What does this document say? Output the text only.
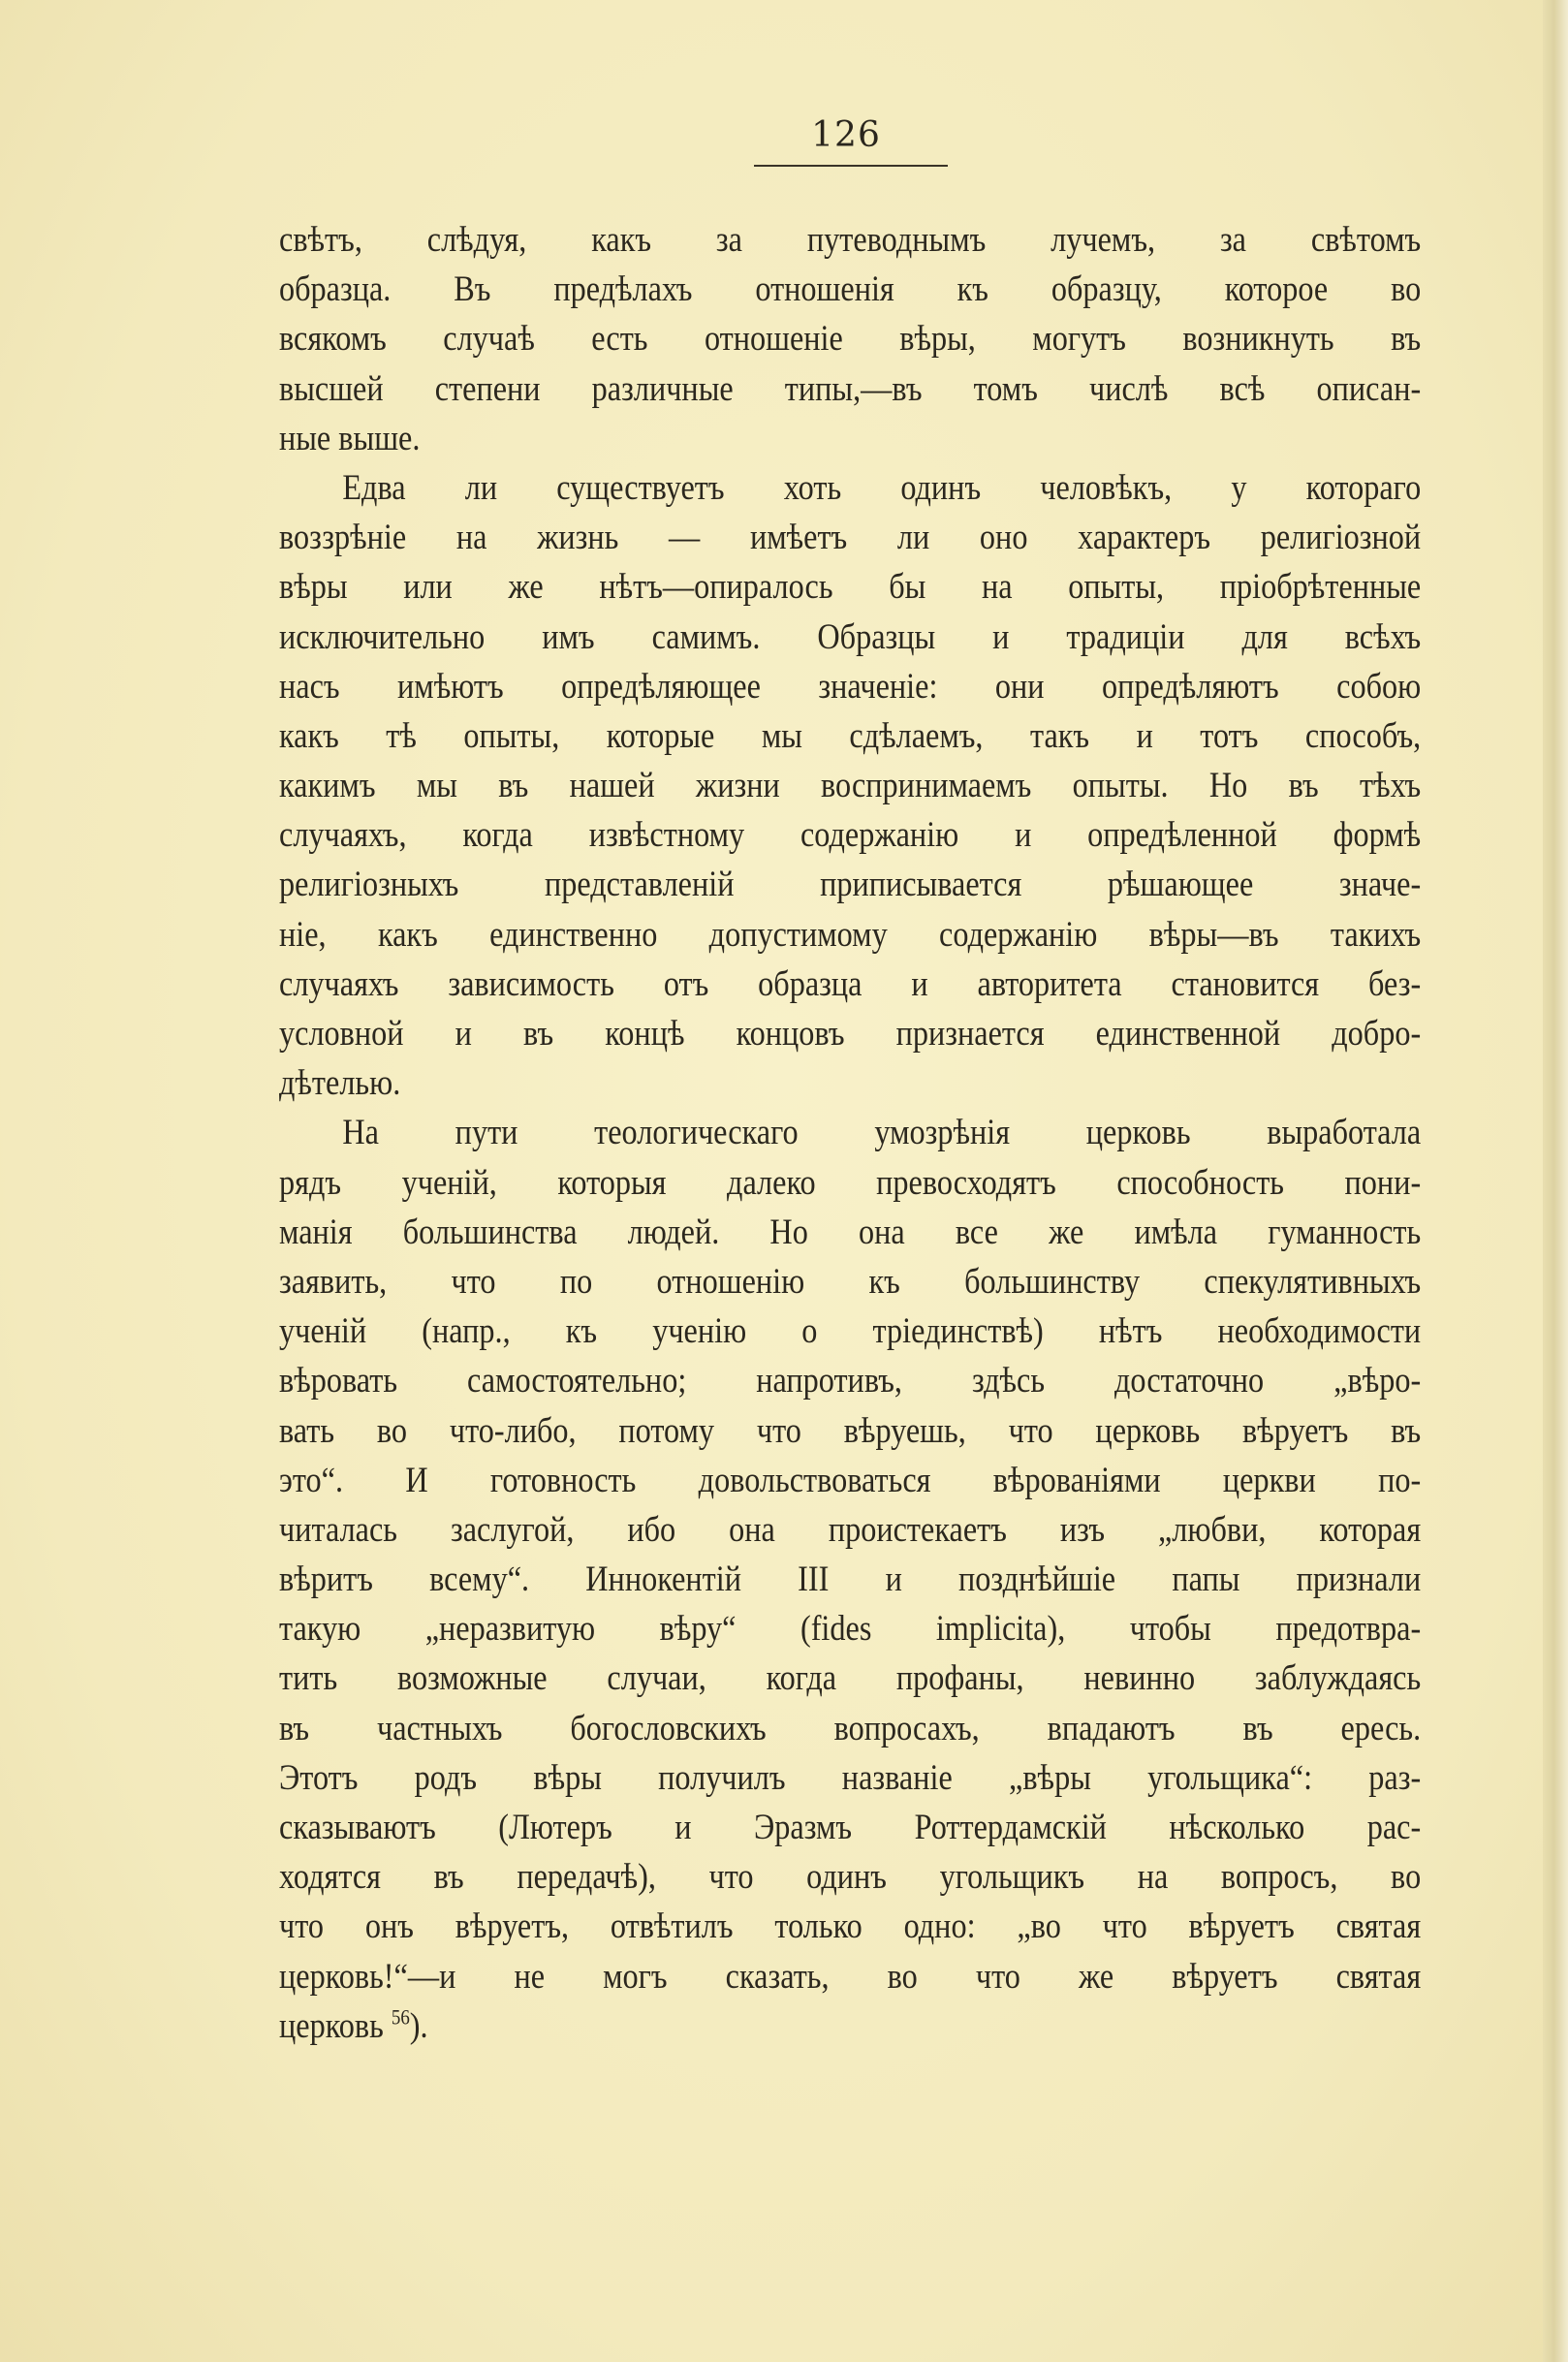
126
свѣтъ, слѣдуя, какъ за путеводнымъ лучемъ, за свѣтомъ
образца. Въ предѣлахъ отношенія къ образцу, которое во
всякомъ случаѣ есть отношеніе вѣры, могутъ возникнуть въ
высшей степени различные типы,—въ томъ числѣ всѣ описан-
ные выше.
Едва ли существуетъ хоть одинъ человѣкъ, у котораго
воззрѣніе на жизнь — имѣетъ ли оно характеръ религіозной
вѣры или же нѣтъ—опиралось бы на опыты, пріобрѣтенные
исключительно имъ самимъ. Образцы и традиціи для всѣхъ
насъ имѣютъ опредѣляющее значеніе: они опредѣляютъ собою
какъ тѣ опыты, которые мы сдѣлаемъ, такъ и тотъ способъ,
какимъ мы въ нашей жизни воспринимаемъ опыты. Но въ тѣхъ
случаяхъ, когда извѣстному содержанію и опредѣленной формѣ
религіозныхъ представленій приписывается рѣшающее значе-
ніе, какъ единственно допустимому содержанію вѣры—въ такихъ
случаяхъ зависимость отъ образца и авторитета становится без-
условной и въ концѣ концовъ признается единственной добро-
дѣтелью.
На пути теологическаго умозрѣнія церковь выработала
рядъ ученій, которыя далеко превосходятъ способность пони-
манія большинства людей. Но она все же имѣла гуманность
заявить, что по отношенію къ большинству спекулятивныхъ
ученій (напр., къ ученію о тріединствѣ) нѣтъ необходимости
вѣровать самостоятельно; напротивъ, здѣсь достаточно „вѣро-
вать во что-либо, потому что вѣруешь, что церковь вѣруетъ въ
это“. И готовность довольствоваться вѣрованіями церкви по-
читалась заслугой, ибо она проистекаетъ изъ „любви, которая
вѣритъ всему“. Иннокентій III и позднѣйшіе папы признали
такую „неразвитую вѣру“ (fides implicita), чтобы предотвра-
тить возможные случаи, когда профаны, невинно заблуждаясь
въ частныхъ богословскихъ вопросахъ, впадаютъ въ ересь.
Этотъ родъ вѣры получилъ названіе „вѣры угольщика“: раз-
сказываютъ (Лютеръ и Эразмъ Роттердамскій нѣсколько рас-
ходятся въ передачѣ), что одинъ угольщикъ на вопросъ, во
что онъ вѣруетъ, отвѣтилъ только одно: „во что вѣруетъ святая
церковь!“—и не могъ сказать, во что же вѣруетъ святая
церковь $^{56}$).
